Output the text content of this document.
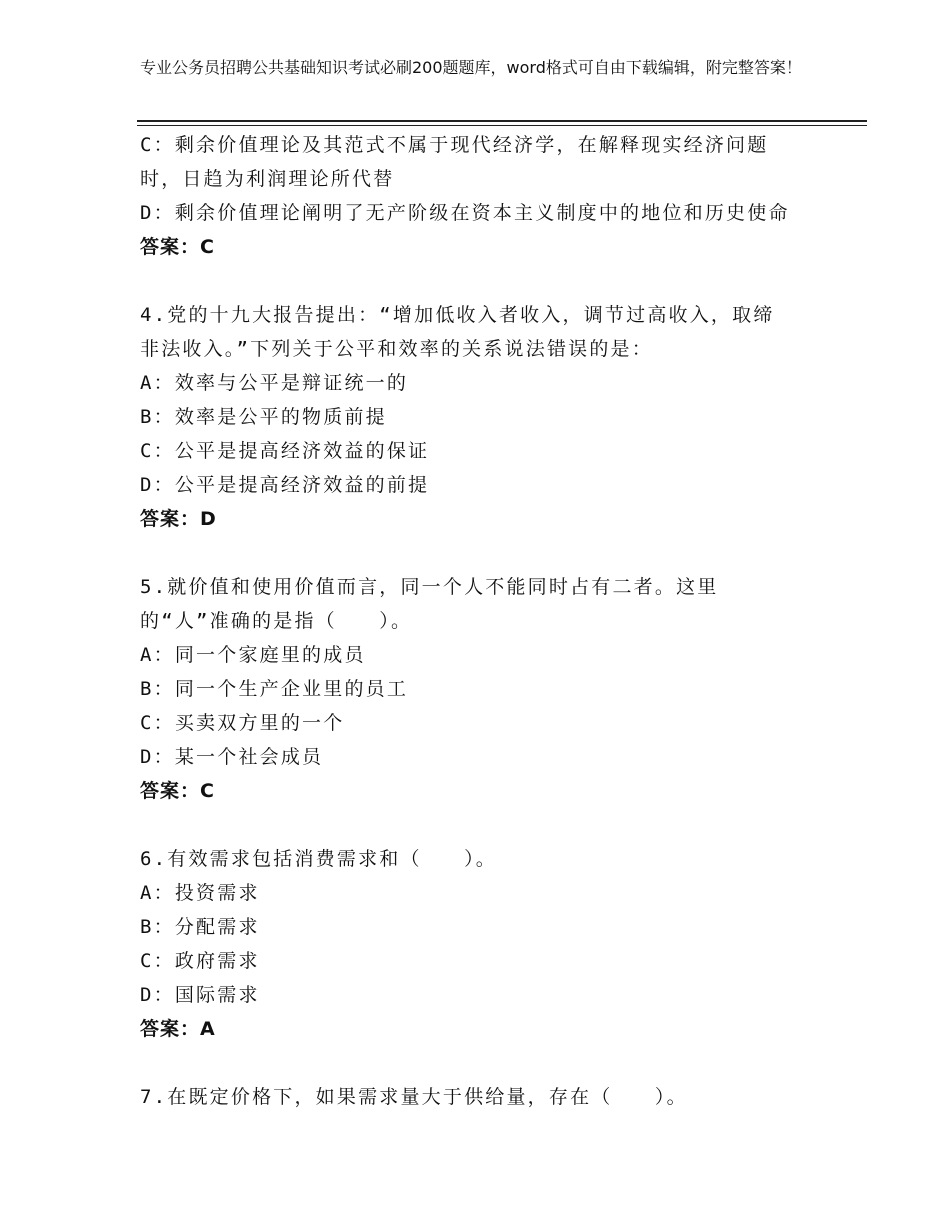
专业公务员招聘公共基础知识考试必刷200题题库，word格式可自由下载编辑，附完整答案！
C：剩余价值理论及其范式不属于现代经济学，在解释现实经济问题
时，日趋为利润理论所代替
D：剩余价值理论阐明了无产阶级在资本主义制度中的地位和历史使命
答案：C
4.党的十九大报告提出：“增加低收入者收入，调节过高收入，取缔
非法收入。”下列关于公平和效率的关系说法错误的是：
A：效率与公平是辩证统一的
B：效率是公平的物质前提
C：公平是提高经济效益的保证
D：公平是提高经济效益的前提
答案：D
5.就价值和使用价值而言，同一个人不能同时占有二者。这里
的“人”准确的是指（　　）。
A：同一个家庭里的成员
B：同一个生产企业里的员工
C：买卖双方里的一个
D：某一个社会成员
答案：C
6.有效需求包括消费需求和（　　）。
A：投资需求
B：分配需求
C：政府需求
D：国际需求
答案：A
7.在既定价格下，如果需求量大于供给量，存在（　　）。
